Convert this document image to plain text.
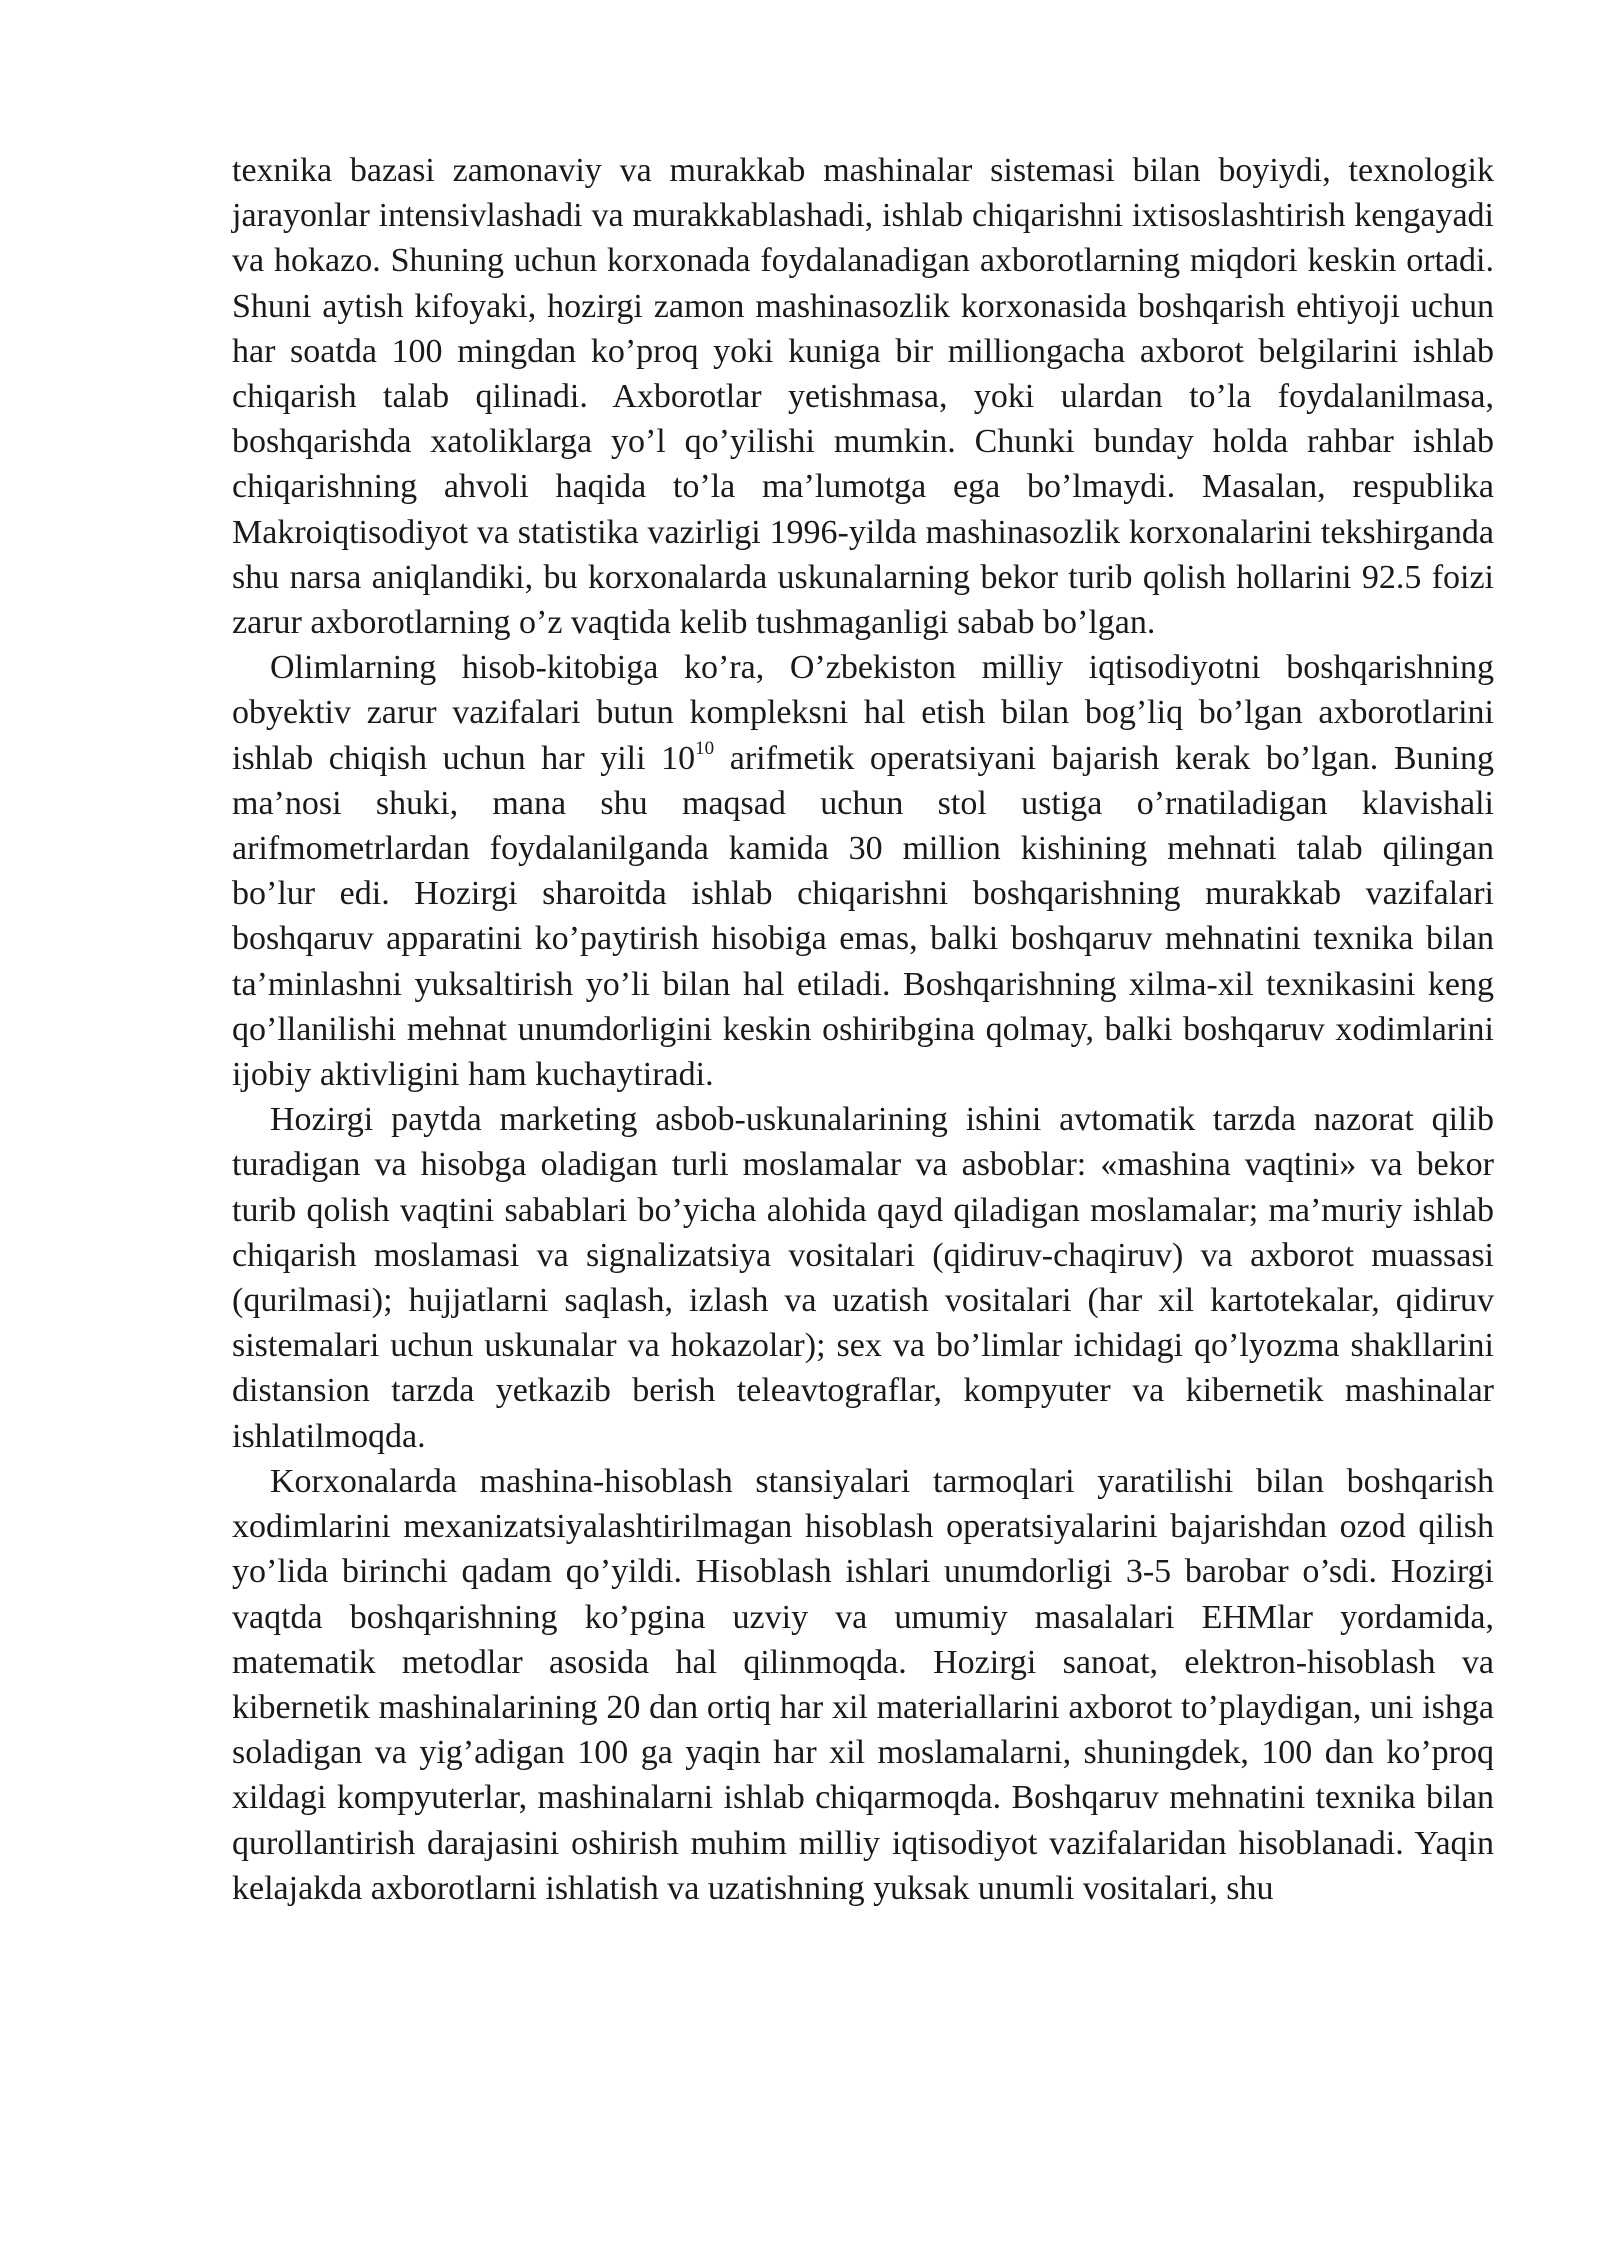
texnika bazasi zamonaviy va murakkab mashinalar sistemasi bilan boyiydi, texnologik jarayonlar intensivlashadi va murakkablashadi, ishlab chiqarishni ixtisoslashtirish kengayadi va hokazo. Shuning uchun korxonada foydalanadigan axborotlarning miqdori keskin ortadi. Shuni aytish kifoyaki, hozirgi zamon mashinasozlik korxonasida boshqarish ehtiyoji uchun har soatda 100 mingdan ko’proq yoki kuniga bir milliongacha axborot belgilarini ishlab chiqarish talab qilinadi. Axborotlar yetishmasa, yoki ulardan to’la foydalanilmasa, boshqarishda xatoliklarga yo’l qo’yilishi mumkin. Chunki bunday holda rahbar ishlab chiqarishning ahvoli haqida to’la ma’lumotga ega bo’lmaydi. Masalan, respublika Makroiqtisodiyot va statistika vazirligi 1996-yilda mashinasozlik korxonalarini tekshirganda shu narsa aniqlandiki, bu korxonalarda uskunalarning bekor turib qolish hollarini 92.5 foizi zarur axborotlarning o’z vaqtida kelib tushmaganligi sabab bo’lgan.

Olimlarning hisob-kitobiga ko’ra, O’zbekiston milliy iqtisodiyotni boshqarishning obyektiv zarur vazifalari butun kompleksni hal etish bilan bog’liq bo’lgan axborotlarini ishlab chiqish uchun har yili $10^{10}$ arifmetik operatsiyani bajarish kerak bo’lgan. Buning ma’nosi shuki, mana shu maqsad uchun stol ustiga o’rnatiladigan klavishali arifmometrlardan foydalanilganda kamida 30 million kishining mehnati talab qilingan bo’lur edi. Hozirgi sharoitda ishlab chiqarishni boshqarishning murakkab vazifalari boshqaruv apparatini ko’paytirish hisobiga emas, balki boshqaruv mehnatini texnika bilan ta’minlashni yuksaltirish yo’li bilan hal etiladi. Boshqarishning xilma-xil texnikasini keng qo’llanilishi mehnat unumdorligini keskin oshiribgina qolmay, balki boshqaruv xodimlarini ijobiy aktivligini ham kuchaytiradi.

Hozirgi paytda marketing asbob-uskunalarining ishini avtomatik tarzda nazorat qilib turadigan va hisobga oladigan turli moslamalar va asboblar: «mashina vaqtini» va bekor turib qolish vaqtini sabablari bo’yicha alohida qayd qiladigan moslamalar; ma’muriy ishlab chiqarish moslamasi va signalizatsiya vositalari (qidiruv-chaqiruv) va axborot muassasi (qurilmasi); hujjatlarni saqlash, izlash va uzatish vositalari (har xil kartotekalar, qidiruv sistemalari uchun uskunalar va hokazolar); sex va bo’limlar ichidagi qo’lyozma shakllarini distansion tarzda yetkazib berish teleavtograflar, kompyuter va kibernetik mashinalar ishlatilmoqda.

Korxonalarda mashina-hisoblash stansiyalari tarmoqlari yaratilishi bilan boshqarish xodimlarini mexanizatsiyalashtirilmagan hisoblash operatsiyalarini bajarishdan ozod qilish yo’lida birinchi qadam qo’yildi. Hisoblash ishlari unumdorligi 3-5 barobar o’sdi. Hozirgi vaqtda boshqarishning ko’pgina uzviy va umumiy masalalari EHMlar yordamida, matematik metodlar asosida hal qilinmoqda. Hozirgi sanoat, elektron-hisoblash va kibernetik mashinalarining 20 dan ortiq har xil materiallarini axborot to’playdigan, uni ishga soladigan va yig’adigan 100 ga yaqin har xil moslamalarni, shuningdek, 100 dan ko’proq xildagi kompyuterlar, mashinalarni ishlab chiqarmoqda. Boshqaruv mehnatini texnika bilan qurollantirish darajasini oshirish muhim milliy iqtisodiyot vazifalaridan hisoblanadi. Yaqin kelajakda axborotlarni ishlatish va uzatishning yuksak unumli vositalari, shu
